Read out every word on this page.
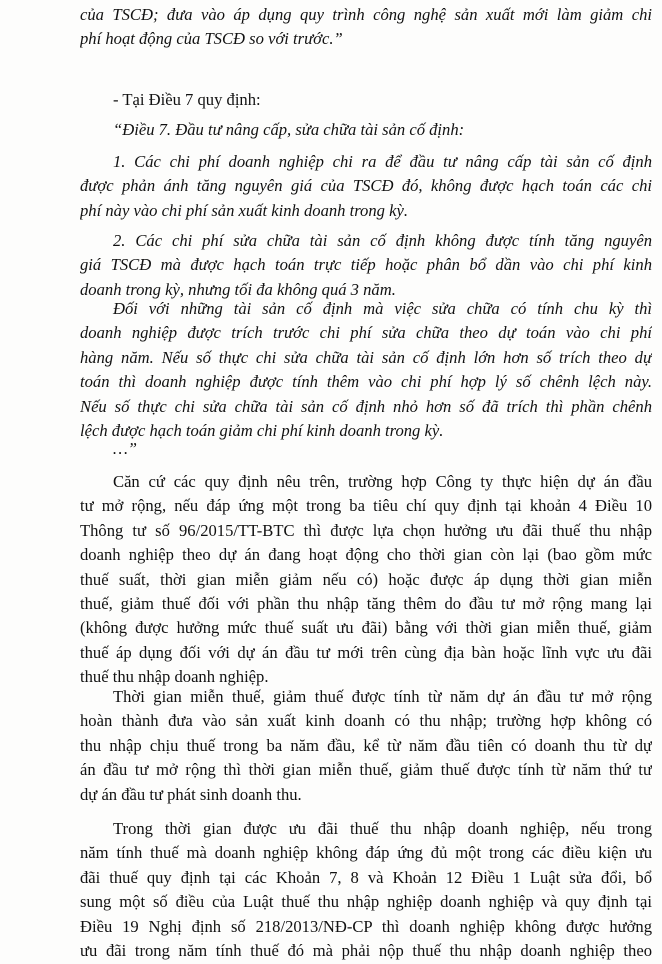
của TSCĐ; đưa vào áp dụng quy trình công nghệ sản xuất mới làm giảm chi
phí hoạt động của TSCĐ so với trước.”
- Tại Điều 7 quy định:
“Điều 7. Đầu tư nâng cấp, sửa chữa tài sản cố định:
1. Các chi phí doanh nghiệp chi ra để đầu tư nâng cấp tài sản cố định
được phản ánh tăng nguyên giá của TSCĐ đó, không được hạch toán các chi
phí này vào chi phí sản xuất kinh doanh trong kỳ.
2. Các chi phí sửa chữa tài sản cố định không được tính tăng nguyên
giá TSCĐ mà được hạch toán trực tiếp hoặc phân bổ dần vào chi phí kinh
doanh trong kỳ, nhưng tối đa không quá 3 năm.
Đối với những tài sản cố định mà việc sửa chữa có tính chu kỳ thì
doanh nghiệp được trích trước chi phí sửa chữa theo dự toán vào chi phí
hàng năm. Nếu số thực chi sửa chữa tài sản cố định lớn hơn số trích theo dự
toán thì doanh nghiệp được tính thêm vào chi phí hợp lý số chênh lệch này.
Nếu số thực chi sửa chữa tài sản cố định nhỏ hơn số đã trích thì phần chênh
lệch được hạch toán giảm chi phí kinh doanh trong kỳ.
…”
Căn cứ các quy định nêu trên, trường hợp Công ty thực hiện dự án đầu
tư mở rộng, nếu đáp ứng một trong ba tiêu chí quy định tại khoản 4 Điều 10
Thông tư số 96/2015/TT-BTC thì được lựa chọn hưởng ưu đãi thuế thu nhập
doanh nghiệp theo dự án đang hoạt động cho thời gian còn lại (bao gồm mức
thuế suất, thời gian miễn giảm nếu có) hoặc được áp dụng thời gian miễn
thuế, giảm thuế đối với phần thu nhập tăng thêm do đầu tư mở rộng mang lại
(không được hưởng mức thuế suất ưu đãi) bằng với thời gian miễn thuế, giảm
thuế áp dụng đối với dự án đầu tư mới trên cùng địa bàn hoặc lĩnh vực ưu đãi
thuế thu nhập doanh nghiệp.
Thời gian miễn thuế, giảm thuế được tính từ năm dự án đầu tư mở rộng
hoàn thành đưa vào sản xuất kinh doanh có thu nhập; trường hợp không có
thu nhập chịu thuế trong ba năm đầu, kể từ năm đầu tiên có doanh thu từ dự
án đầu tư mở rộng thì thời gian miễn thuế, giảm thuế được tính từ năm thứ tư
dự án đầu tư phát sinh doanh thu.
Trong thời gian được ưu đãi thuế thu nhập doanh nghiệp, nếu trong
năm tính thuế mà doanh nghiệp không đáp ứng đủ một trong các điều kiện ưu
đãi thuế quy định tại các Khoản 7, 8 và Khoản 12 Điều 1 Luật sửa đổi, bổ
sung một số điều của Luật thuế thu nhập nghiệp doanh nghiệp và quy định tại
Điều 19 Nghị định số 218/2013/NĐ-CP thì doanh nghiệp không được hưởng
ưu đãi trong năm tính thuế đó mà phải nộp thuế thu nhập doanh nghiệp theo
